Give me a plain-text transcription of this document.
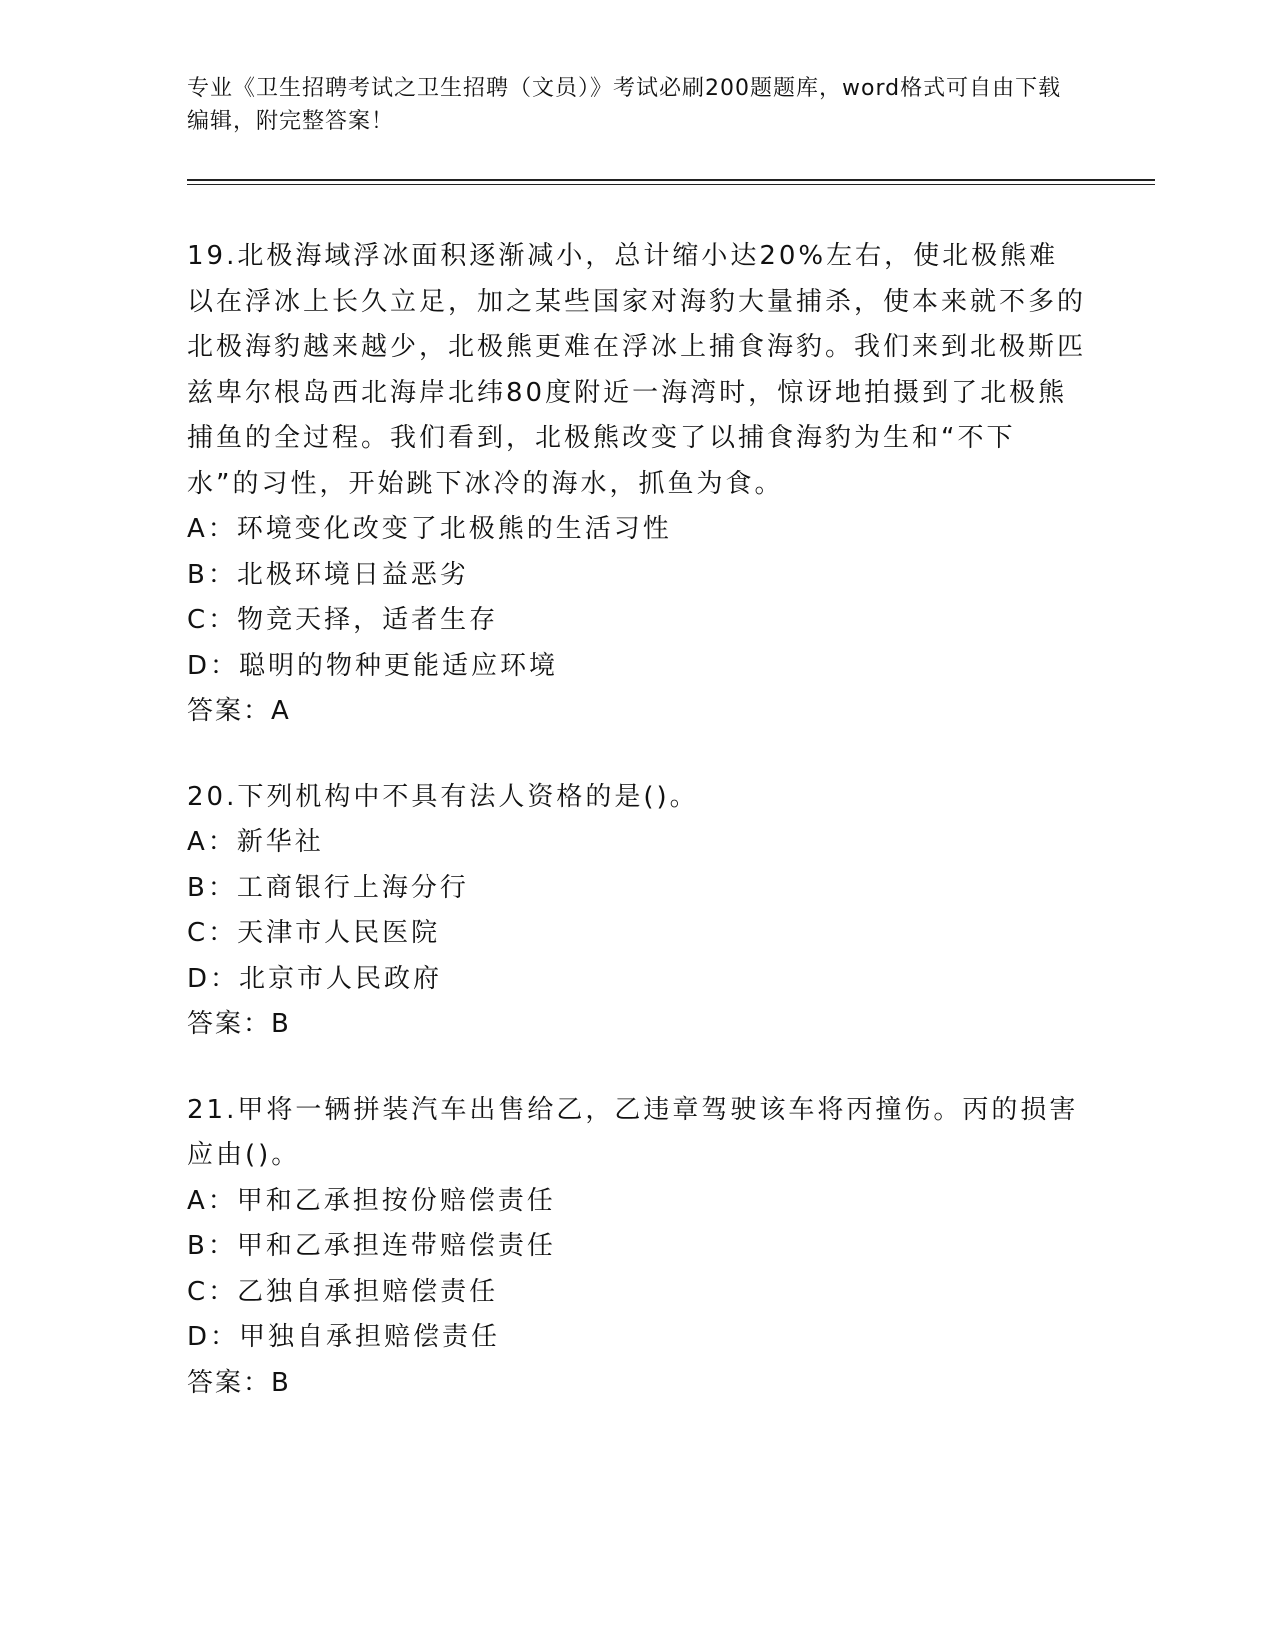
专业《卫生招聘考试之卫生招聘（文员）》考试必刷200题题库，word格式可自由下载编辑，附完整答案！

19.北极海域浮冰面积逐渐减小，总计缩小达20%左右，使北极熊难以在浮冰上长久立足，加之某些国家对海豹大量捕杀，使本来就不多的北极海豹越来越少，北极熊更难在浮冰上捕食海豹。我们来到北极斯匹兹卑尔根岛西北海岸北纬80度附近一海湾时，惊讶地拍摄到了北极熊捕鱼的全过程。我们看到，北极熊改变了以捕食海豹为生和“不下水”的习性，开始跳下冰冷的海水，抓鱼为食。

A：环境变化改变了北极熊的生活习性

B：北极环境日益恶劣

C：物竞天择，适者生存

D：聪明的物种更能适应环境

答案：A

20.下列机构中不具有法人资格的是()。

A：新华社

B：工商银行上海分行

C：天津市人民医院

D：北京市人民政府

答案：B

21.甲将一辆拼装汽车出售给乙，乙违章驾驶该车将丙撞伤。丙的损害应由()。

A：甲和乙承担按份赔偿责任

B：甲和乙承担连带赔偿责任

C：乙独自承担赔偿责任

D：甲独自承担赔偿责任

答案：B
